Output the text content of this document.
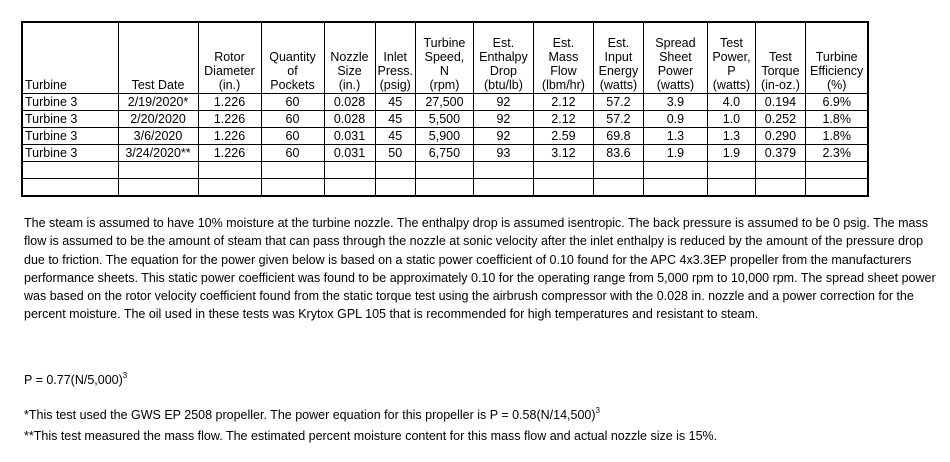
Turbine	Test Date	Rotor
Diameter
(in.)	Quantity
of
Pockets	Nozzle
Size
(in.)	Inlet
Press.
(psig)	Turbine
Speed,
N
(rpm)	Est.
Enthalpy
Drop
(btu/lb)	Est.
Mass
Flow
(lbm/hr)	Est.
Input
Energy
(watts)	Spread
Sheet
Power
(watts)	Test
Power,
P
(watts)	Test
Torque
(in-oz.)	Turbine
Efficiency
(%)

Turbine 3	2/19/2020*	1.226	60	0.028	45	27,500	92	2.12	57.2	3.9	4.0	0.194	6.9%
Turbine 3	2/20/2020	1.226	60	0.028	45	5,500	92	2.12	57.2	0.9	1.0	0.252	1.8%
Turbine 3	3/6/2020	1.226	60	0.031	45	5,900	92	2.59	69.8	1.3	1.3	0.290	1.8%
Turbine 3	3/24/2020**	1.226	60	0.031	50	6,750	93	3.12	83.6	1.9	1.9	0.379	2.3%

The steam is assumed to have 10% moisture at the turbine nozzle. The enthalpy drop is assumed isentropic. The back pressure is assumed to be 0 psig. The mass flow is assumed to be the amount of steam that can pass through the nozzle at sonic velocity after the inlet enthalpy is reduced by the amount of the pressure drop due to friction. The equation for the power given below is based on a static power coefficient of 0.10 found for the APC 4x3.3EP propeller from the manufacturers performance sheets. This static power coefficient was found to be approximately 0.10 for the operating range from 5,000 rpm to 10,000 rpm. The spread sheet power was based on the rotor velocity coefficient found from the static torque test using the airbrush compressor with the 0.028 in. nozzle and a power correction for the percent moisture. The oil used in these tests was Krytox GPL 105 that is recommended for high temperatures and resistant to steam.

$P = 0.77(N/5,000)^3$

*This test used the GWS EP 2508 propeller. The power equation for this propeller is $P = 0.58(N/14,500)^3$

**This test measured the mass flow. The estimated percent moisture content for this mass flow and actual nozzle size is 15%.
